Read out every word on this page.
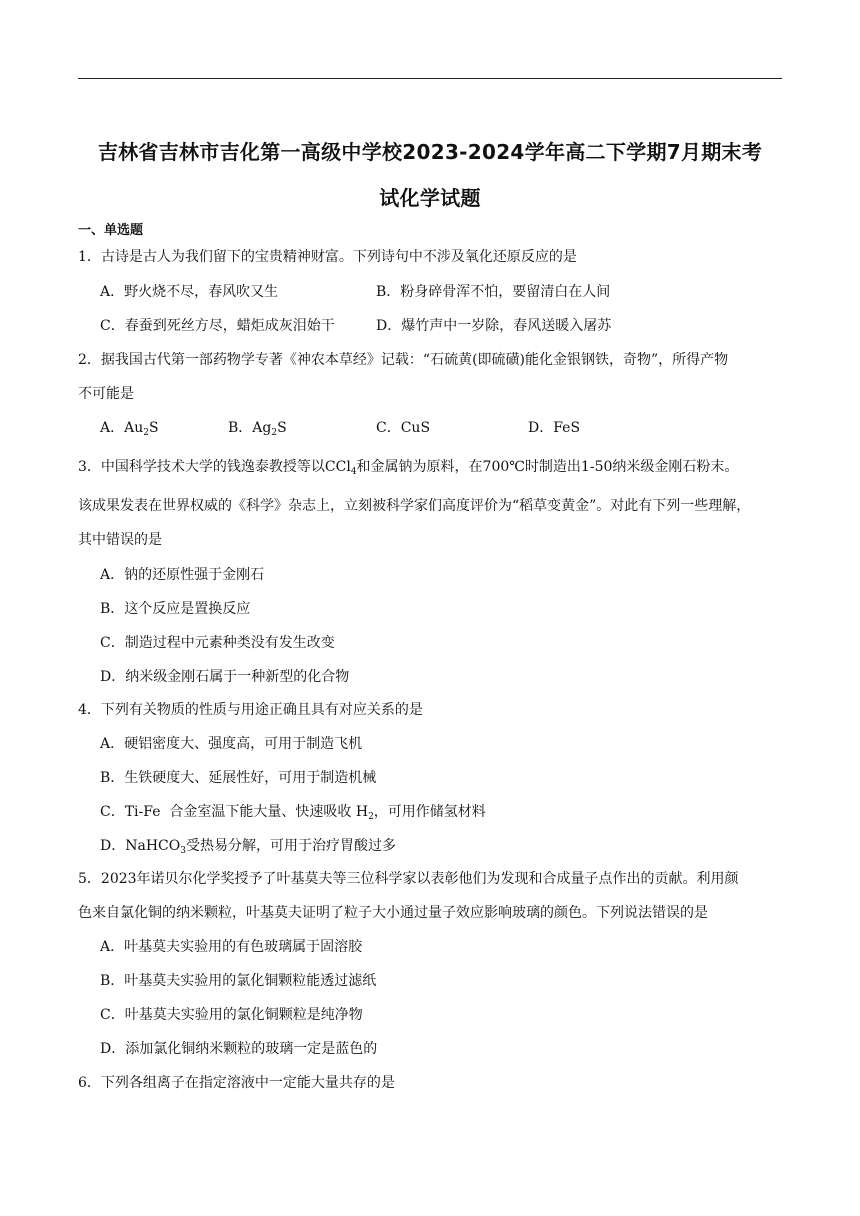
吉林省吉林市吉化第一高级中学校2023-2024学年高二下学期7月期末考
试化学试题
一、单选题
1．古诗是古人为我们留下的宝贵精神财富。下列诗句中不涉及氧化还原反应的是
A．野火烧不尽，春风吹又生	B．粉身碎骨浑不怕，要留清白在人间
C．春蚕到死丝方尽，蜡炬成灰泪始干	D．爆竹声中一岁除，春风送暖入屠苏
2．据我国古代第一部药物学专著《神农本草经》记载：“石硫黄(即硫磺)能化金银钢铁，奇物”，所得产物
不可能是
A．$Au_2S$	B．$Ag_2S$	C．CuS	D．FeS
3．中国科学技术大学的钱逸泰教授等以CCl$_4$和金属钠为原料，在700℃时制造出1-50纳米级金刚石粉末。
该成果发表在世界权威的《科学》杂志上，立刻被科学家们高度评价为“稻草变黄金”。对此有下列一些理解，
其中错误的是
A．钠的还原性强于金刚石
B．这个反应是置换反应
C．制造过程中元素种类没有发生改变
D．纳米级金刚石属于一种新型的化合物
4．下列有关物质的性质与用途正确且具有对应关系的是
A．硬铝密度大、强度高，可用于制造飞机
B．生铁硬度大、延展性好，可用于制造机械
C．Ti-Fe  合金室温下能大量、快速吸收 $H_2$，可用作储氢材料
D．NaHCO$_3$受热易分解，可用于治疗胃酸过多
5．2023年诺贝尔化学奖授予了叶基莫夫等三位科学家以表彰他们为发现和合成量子点作出的贡献。利用颜
色来自氯化铜的纳米颗粒，叶基莫夫证明了粒子大小通过量子效应影响玻璃的颜色。下列说法错误的是
A．叶基莫夫实验用的有色玻璃属于固溶胶
B．叶基莫夫实验用的氯化铜颗粒能透过滤纸
C．叶基莫夫实验用的氯化铜颗粒是纯净物
D．添加氯化铜纳米颗粒的玻璃一定是蓝色的
6．下列各组离子在指定溶液中一定能大量共存的是
